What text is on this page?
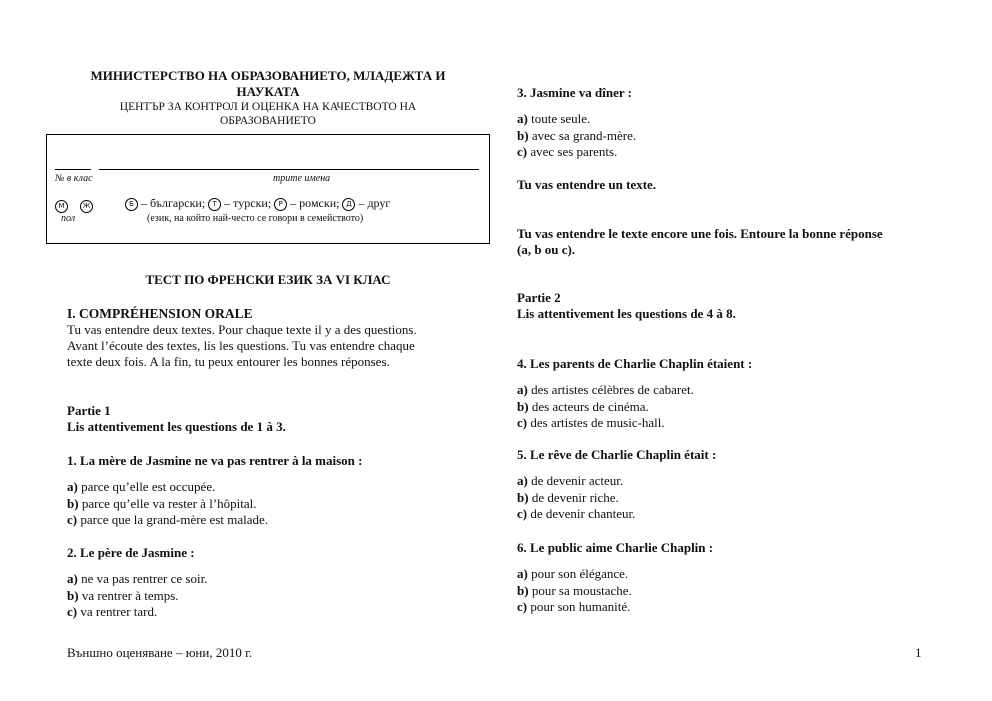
МИНИСТЕРСТВО НА ОБРАЗОВАНИЕТО, МЛАДЕЖТА И
НАУКАТА
ЦЕНТЪР ЗА КОНТРОЛ И ОЦЕНКА НА КАЧЕСТВОТО НА
ОБРАЗОВАНИЕТО
№ в клас	трите имена
М	Ж
пол
Б – български; Т – турски; Р – ромски; Д – друг
(език, на който най-често се говори в семейството)
ТЕСТ ПО ФРЕНСКИ ЕЗИК ЗА VI КЛАС
I. COMPRÉHENSION ORALE
Tu vas entendre deux textes. Pour chaque texte il y a des questions.
Avant l’écoute des textes, lis les questions. Tu vas entendre chaque
texte deux fois. A la fin, tu peux entourer les bonnes réponses.
Partie 1
Lis attentivement les questions de 1 à 3.
1. La mère de Jasmine ne va pas rentrer à la maison :
a) parce qu’elle est occupée.
b) parce qu’elle va rester à l’hôpital.
c) parce que la grand-mère est malade.
2. Le père de Jasmine :
a) ne va pas rentrer ce soir.
b) va rentrer à temps.
c) va rentrer tard.
3. Jasmine va dîner :
a) toute seule.
b) avec sa grand-mère.
c) avec ses parents.
Tu vas entendre un texte.
Tu vas entendre le texte encore une fois. Entoure la bonne réponse
(a, b ou c).
Partie 2
Lis attentivement les questions de 4 à 8.
4. Les parents de Charlie Chaplin étaient :
a) des artistes célèbres de cabaret.
b) des acteurs de cinéma.
c) des artistes de music-hall.
5. Le rêve de Charlie Chaplin était :
a) de devenir acteur.
b) de devenir riche.
c) de devenir chanteur.
6. Le public aime Charlie Chaplin :
a) pour son élégance.
b) pour sa moustache.
c) pour son humanité.
Външно оценяване – юни, 2010 г.	1
